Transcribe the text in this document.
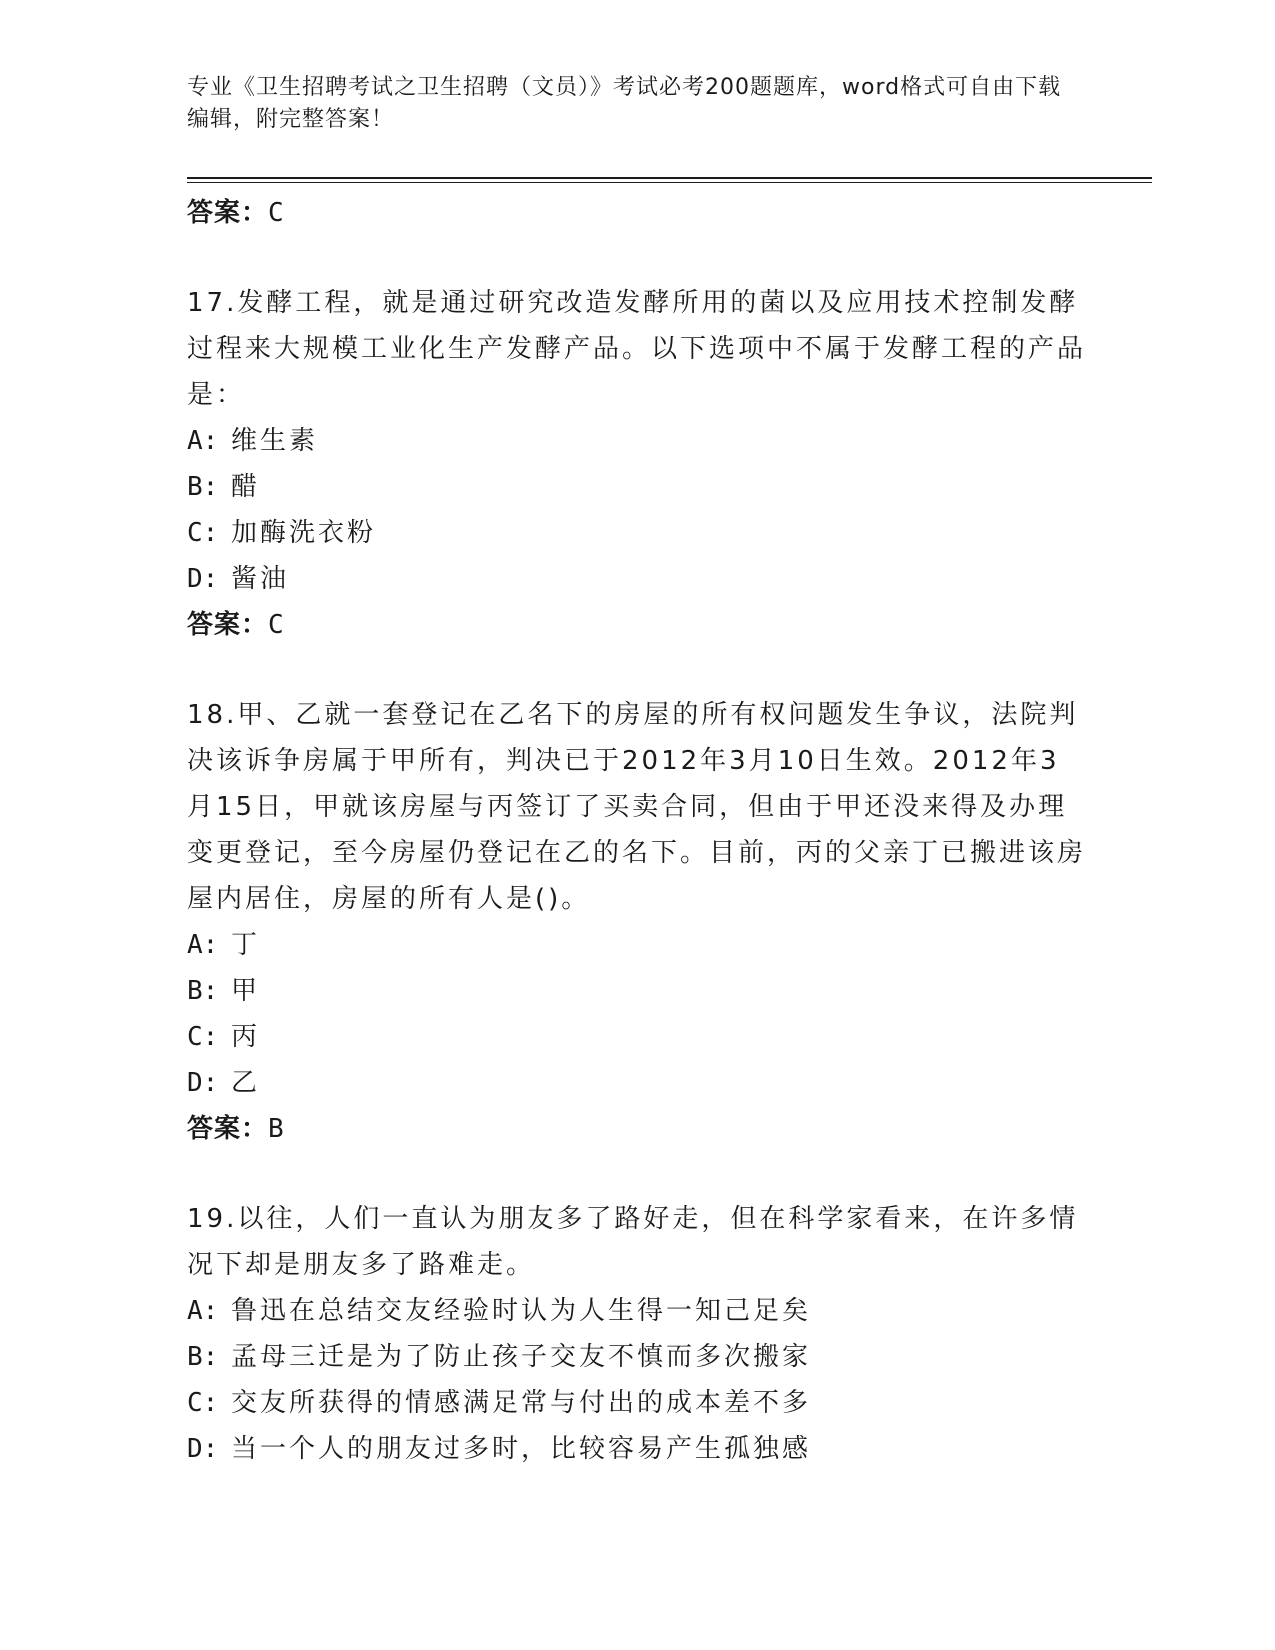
专业《卫生招聘考试之卫生招聘（文员）》考试必考200题题库，word格式可自由下载编辑，附完整答案！
答案：C

17.发酵工程，就是通过研究改造发酵所用的菌以及应用技术控制发酵过程来大规模工业化生产发酵产品。以下选项中不属于发酵工程的产品是：

A: 维生素
B: 醋
C: 加酶洗衣粉
D: 酱油
答案：C

18.甲、乙就一套登记在乙名下的房屋的所有权问题发生争议，法院判决该诉争房属于甲所有，判决已于2012年3月10日生效。2012年3月15日，甲就该房屋与丙签订了买卖合同，但由于甲还没来得及办理变更登记，至今房屋仍登记在乙的名下。目前，丙的父亲丁已搬进该房屋内居住，房屋的所有人是()。

A: 丁
B: 甲
C: 丙
D: 乙
答案：B

19.以往，人们一直认为朋友多了路好走，但在科学家看来，在许多情况下却是朋友多了路难走。

A: 鲁迅在总结交友经验时认为人生得一知己足矣
B: 孟母三迁是为了防止孩子交友不慎而多次搬家
C: 交友所获得的情感满足常与付出的成本差不多
D: 当一个人的朋友过多时，比较容易产生孤独感
